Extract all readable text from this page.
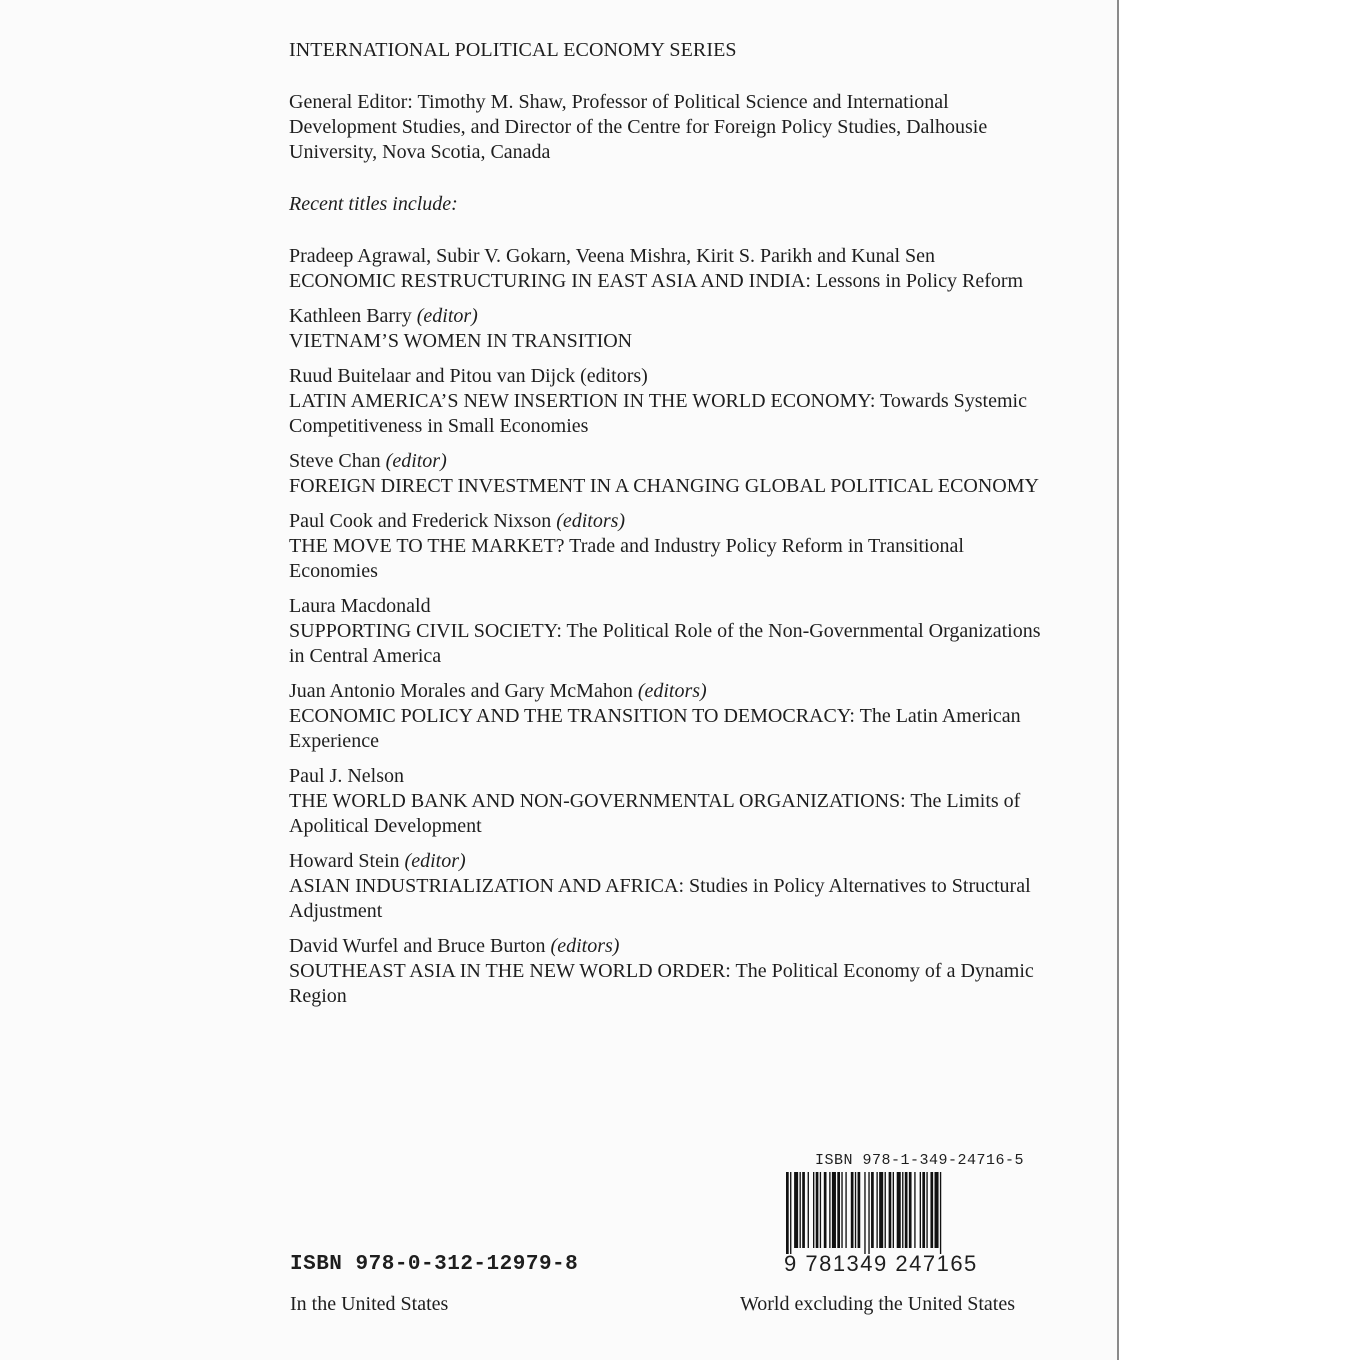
INTERNATIONAL POLITICAL ECONOMY SERIES
General Editor: Timothy M. Shaw, Professor of Political Science and International Development Studies, and Director of the Centre for Foreign Policy Studies, Dalhousie University, Nova Scotia, Canada
Recent titles include:
Pradeep Agrawal, Subir V. Gokarn, Veena Mishra, Kirit S. Parikh and Kunal Sen
ECONOMIC RESTRUCTURING IN EAST ASIA AND INDIA: Lessons in Policy Reform
Kathleen Barry (editor)
VIETNAM’S WOMEN IN TRANSITION
Ruud Buitelaar and Pitou van Dijck (editors)
LATIN AMERICA’S NEW INSERTION IN THE WORLD ECONOMY: Towards Systemic Competitiveness in Small Economies
Steve Chan (editor)
FOREIGN DIRECT INVESTMENT IN A CHANGING GLOBAL POLITICAL ECONOMY
Paul Cook and Frederick Nixson (editors)
THE MOVE TO THE MARKET? Trade and Industry Policy Reform in Transitional Economies
Laura Macdonald
SUPPORTING CIVIL SOCIETY: The Political Role of the Non-Governmental Organizations in Central America
Juan Antonio Morales and Gary McMahon (editors)
ECONOMIC POLICY AND THE TRANSITION TO DEMOCRACY: The Latin American Experience
Paul J. Nelson
THE WORLD BANK AND NON-GOVERNMENTAL ORGANIZATIONS: The Limits of Apolitical Development
Howard Stein (editor)
ASIAN INDUSTRIALIZATION AND AFRICA: Studies in Policy Alternatives to Structural Adjustment
David Wurfel and Bruce Burton (editors)
SOUTHEAST ASIA IN THE NEW WORLD ORDER: The Political Economy of a Dynamic Region
ISBN 978-1-349-24716-5
9 781349 247165
ISBN 978-0-312-12979-8
In the United States	World excluding the United States
